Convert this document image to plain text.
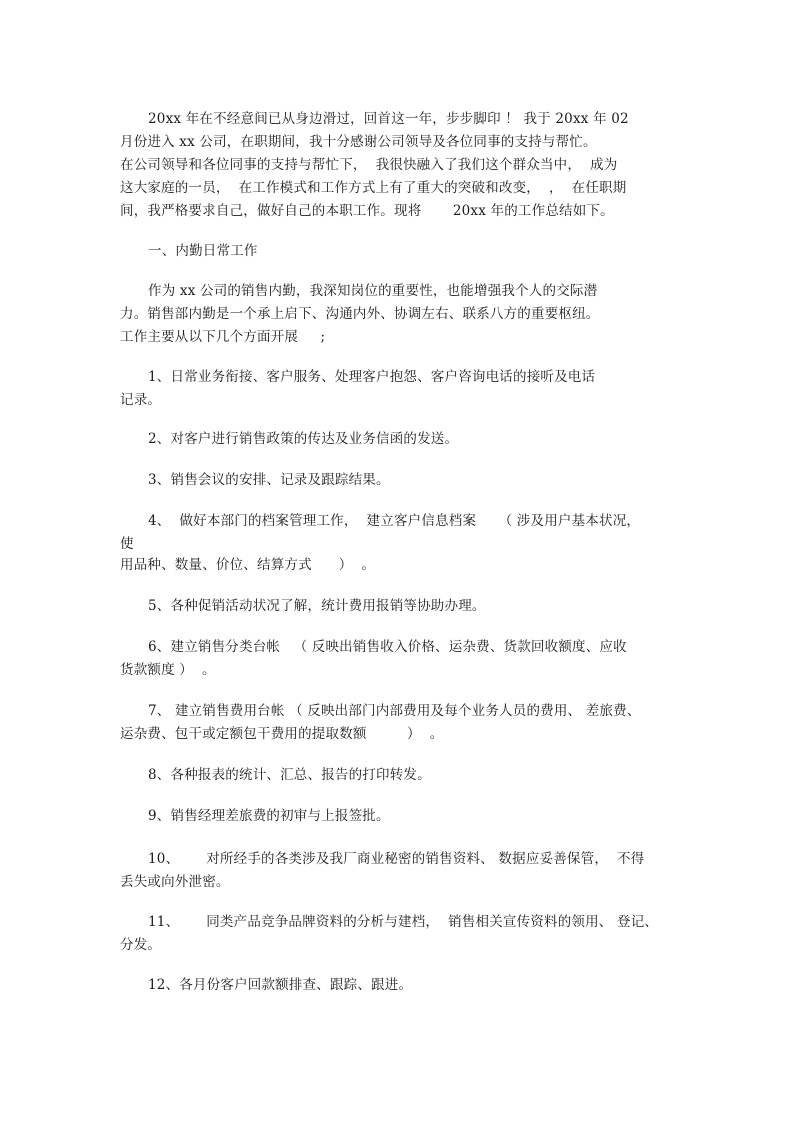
20xx 年在不经意间已从身边滑过，回首这一年，步步脚印 ！ 我于 20xx 年 02
月份进入 xx 公司，在职期间，我十分感谢公司领导及各位同事的支持与帮忙。
在公司领导和各位同事的支持与帮忙下，  我很快融入了我们这个群众当中，  成为
这大家庭的一员，  在工作模式和工作方式上有了重大的突破和改变，  ，  在任职期
间，我严格要求自己，做好自己的本职工作。现将       20xx 年的工作总结如下。
一、内勤日常工作
作为 xx 公司的销售内勤，我深知岗位的重要性，也能增强我个人的交际潜
力。销售部内勤是一个承上启下、沟通内外、协调左右、联系八方的重要枢纽。
工作主要从以下几个方面开展     ;
1、日常业务衔接、客户服务、处理客户抱怨、客户咨询电话的接听及电话
记录。
2、对客户进行销售政策的传达及业务信函的发送。
3、销售会议的安排、记录及跟踪结果。
4、  做好本部门的档案管理工作，  建立客户信息档案     （ 涉及用户基本状况，
使
用品种、数量、价位、结算方式      ）  。
5、各种促销活动状况了解，统计费用报销等协助办理。
6、建立销售分类台帐   （ 反映出销售收入价格、运杂费、货款回收额度、应收
货款额度 ）  。
7、 建立销售费用台帐 （ 反映出部门内部费用及每个业务人员的费用、 差旅费、
运杂费、包干或定额包干费用的提取数额         ）  。
8、各种报表的统计、汇总、报告的打印转发。
9、销售经理差旅费的初审与上报签批。
10、      对所经手的各类涉及我厂商业秘密的销售资料、 数据应妥善保管，  不得
丢失或向外泄密。
11、      同类产品竞争品牌资料的分析与建档，  销售相关宣传资料的领用、 登记、
分发。
12、各月份客户回款额排查、跟踪、跟进。
